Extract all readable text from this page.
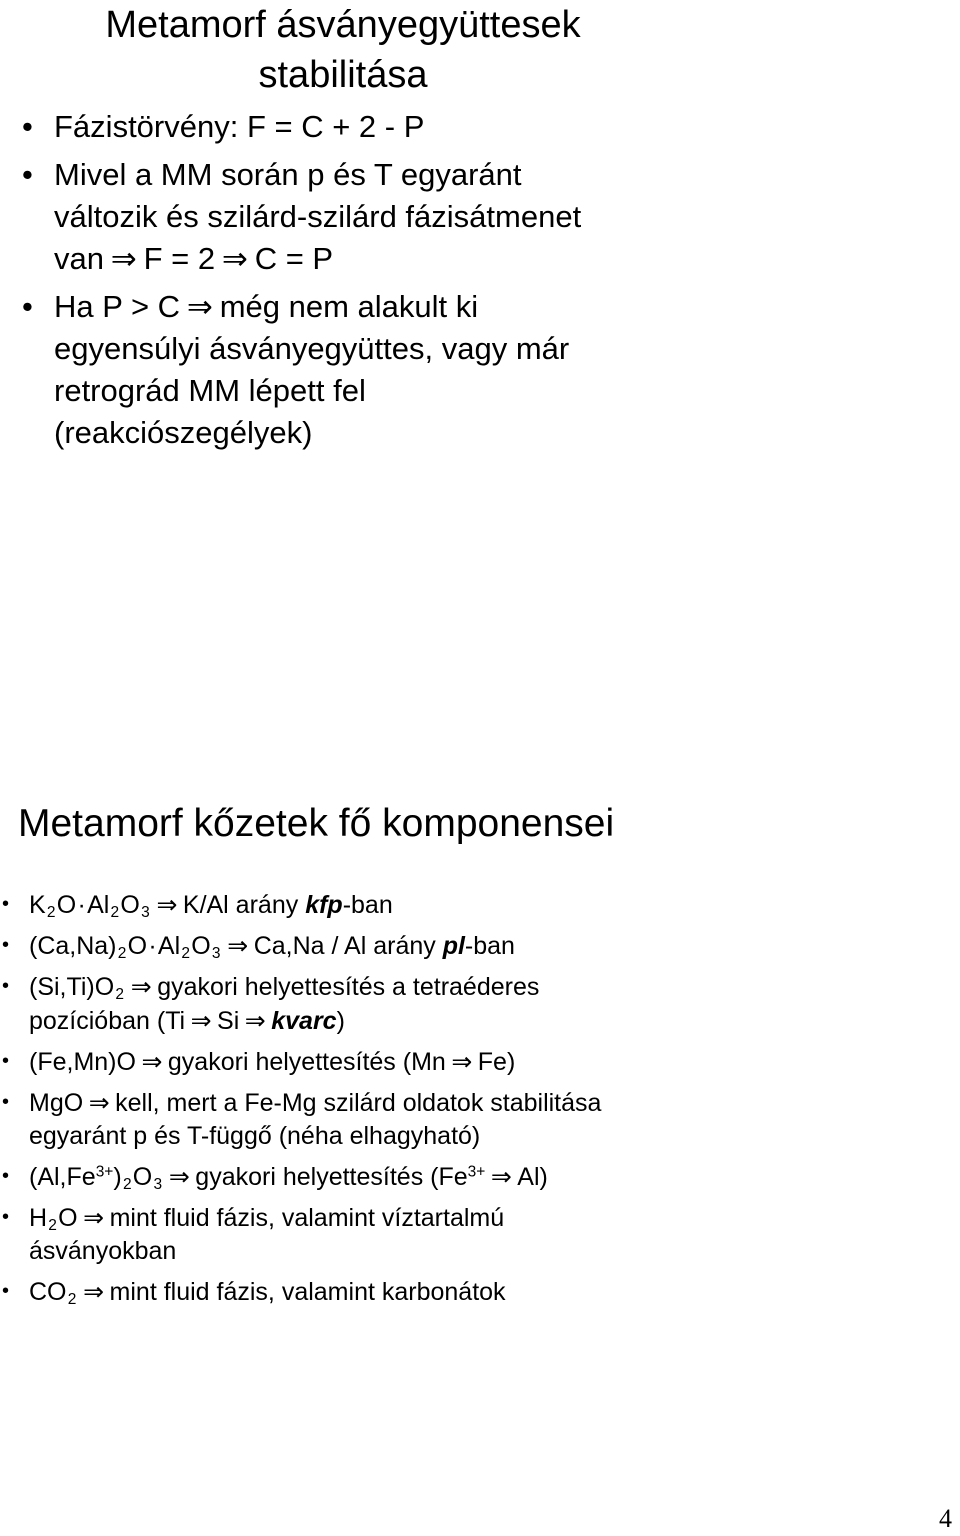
Metamorf ásványegyüttesek
stabilitása
• Fázistörvény: F = C + 2 - P
• Mivel a MM során p és T egyaránt
változik és szilárd-szilárd fázisátmenet
van ⇒ F = 2 ⇒ C = P
• Ha P > C ⇒ még nem alakult ki
egyensúlyi ásványegyüttes, vagy már
retrográd MM lépett fel
(reakciószegélyek)
Metamorf kőzetek fő komponensei
• $K_2O\cdot Al_2O_3$ ⇒ K/Al arány kfp-ban
• $(Ca,Na)_2O\cdot Al_2O_3$ ⇒ Ca,Na / Al arány pl-ban
• $(Si,Ti)O_2$ ⇒ gyakori helyettesítés a tetraéderes
pozícióban (Ti ⇒ Si ⇒ kvarc)
• (Fe,Mn)O ⇒ gyakori helyettesítés (Mn ⇒ Fe)
• MgO ⇒ kell, mert a Fe-Mg szilárd oldatok stabilitása
egyaránt p és T-függő (néha elhagyható)
• $(Al,Fe^{3+})_2O_3$ ⇒ gyakori helyettesítés ($Fe^{3+}$ ⇒ Al)
• $H_2O$ ⇒ mint fluid fázis, valamint víztartalmú
ásványokban
• $CO_2$ ⇒ mint fluid fázis, valamint karbonátok
4
